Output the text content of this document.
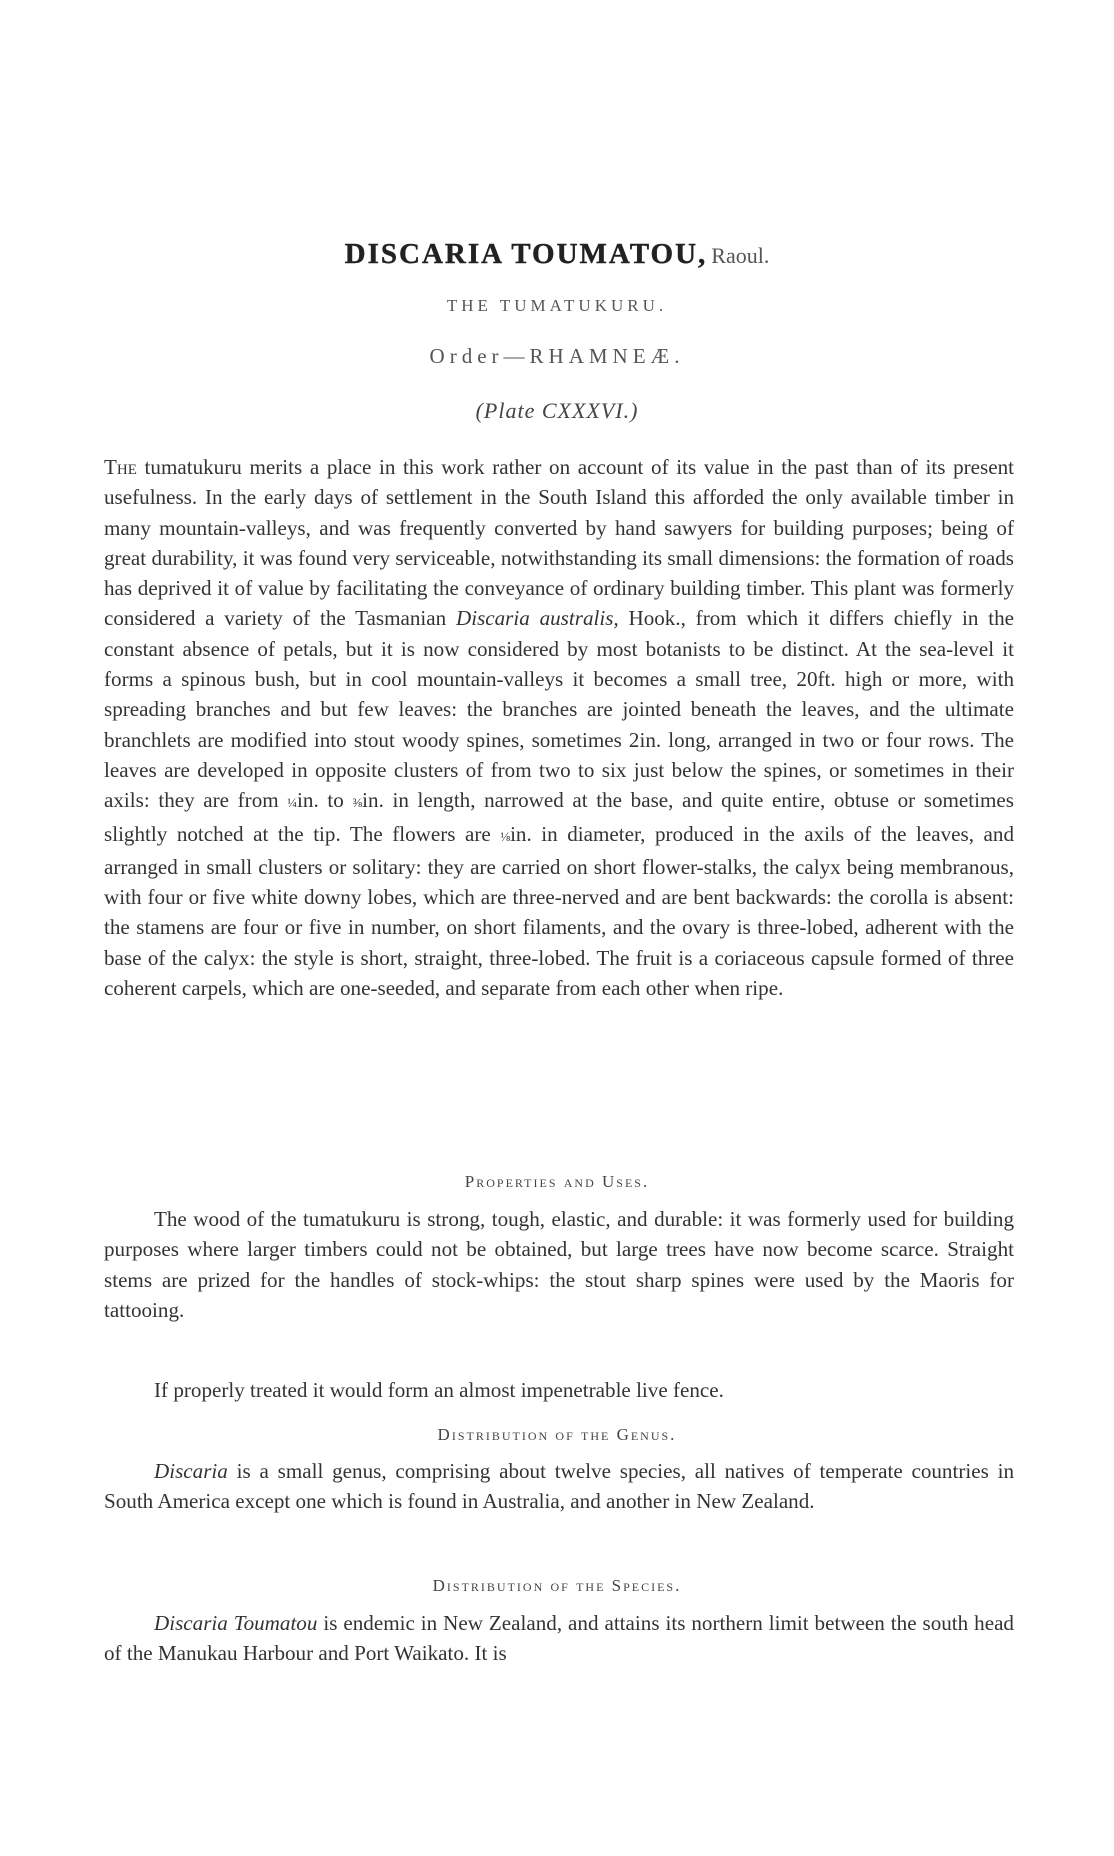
DISCARIA TOUMATOU, Raoul.
THE TUMATUKURU.
Order—RHAMNEÆ.
(Plate CXXXVI.)

The tumatukuru merits a place in this work rather on account of its value in the past than of its present usefulness. In the early days of settlement in the South Island this afforded the only available timber in many mountain-valleys, and was frequently converted by hand sawyers for building purposes; being of great durability, it was found very serviceable, notwithstanding its small dimensions: the formation of roads has deprived it of value by facilitating the conveyance of ordinary building timber. This plant was formerly considered a variety of the Tasmanian Discaria australis, Hook., from which it differs chiefly in the constant absence of petals, but it is now considered by most botanists to be distinct. At the sea-level it forms a spinous bush, but in cool mountain-valleys it becomes a small tree, 20ft. high or more, with spreading branches and but few leaves: the branches are jointed beneath the leaves, and the ultimate branchlets are modified into stout woody spines, sometimes 2in. long, arranged in two or four rows. The leaves are developed in opposite clusters of from two to six just below the spines, or sometimes in their axils: they are from ¼in. to ⅜in. in length, narrowed at the base, and quite entire, obtuse or sometimes slightly notched at the tip. The flowers are ⅛in. in diameter, produced in the axils of the leaves, and arranged in small clusters or solitary: they are carried on short flower-stalks, the calyx being membranous, with four or five white downy lobes, which are three-nerved and are bent backwards: the corolla is absent: the stamens are four or five in number, on short filaments, and the ovary is three-lobed, adherent with the base of the calyx: the style is short, straight, three-lobed. The fruit is a coriaceous capsule formed of three coherent carpels, which are one-seeded, and separate from each other when ripe.

Properties and Uses.

The wood of the tumatukuru is strong, tough, elastic, and durable: it was formerly used for building purposes where larger timbers could not be obtained, but large trees have now become scarce. Straight stems are prized for the handles of stock-whips: the stout sharp spines were used by the Maoris for tattooing.

If properly treated it would form an almost impenetrable live fence.

Distribution of the Genus.

Discaria is a small genus, comprising about twelve species, all natives of temperate countries in South America except one which is found in Australia, and another in New Zealand.

Distribution of the Species.

Discaria Toumatou is endemic in New Zealand, and attains its northern limit between the south head of the Manukau Harbour and Port Waikato. It is
